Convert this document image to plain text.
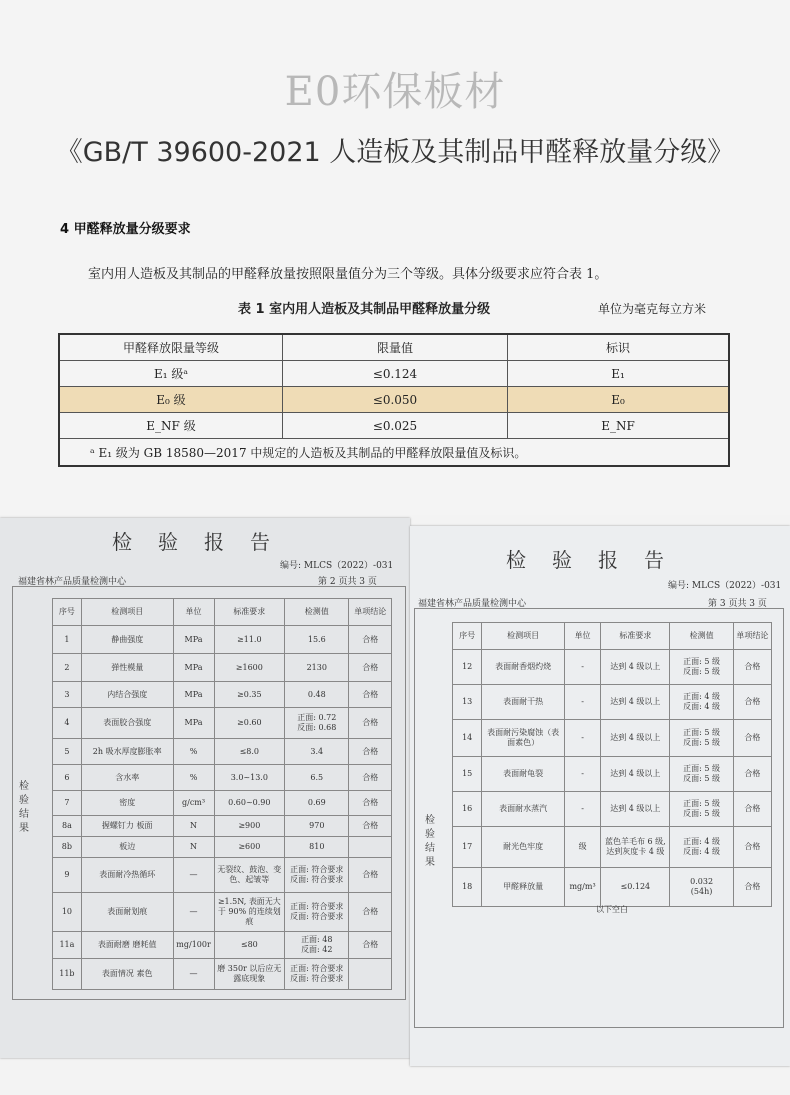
E0环保板材
《GB/T 39600-2021 人造板及其制品甲醛释放量分级》
4 甲醛释放量分级要求
室内用人造板及其制品的甲醛释放量按照限量值分为三个等级。具体分级要求应符合表 1。
表 1 室内用人造板及其制品甲醛释放量分级	单位为毫克每立方米
甲醛释放限量等级	限量值	标识
E₁ 级ᵃ	≤0.124	E₁
E₀ 级	≤0.050	E₀
E_NF 级	≤0.025	E_NF
ᵃ E₁ 级为 GB 18580—2017 中规定的人造板及其制品的甲醛释放限量值及标识。		
检验报告
编号: MLCS（2022）-031
福建省林产品质量检测中心	第 2 页共 3 页
检验结果
序号	检测项目	单位	标准要求	检测值	单项结论
1	静曲强度	MPa	≥11.0	15.6	合格
2	弹性模量	MPa	≥1600	2130	合格
3	内结合强度	MPa	≥0.35	0.48	合格
4	表面胶合强度	MPa	≥0.60	正面: 0.72
反面: 0.68	合格
5	2h 吸水厚度膨胀率	%	≤8.0	3.4	合格
6	含水率	%	3.0~13.0	6.5	合格
7	密度	g/cm³	0.60~0.90	0.69	合格
8a	握螺钉力 板面	N	≥900	970	合格
8b	板边	N	≥600	810	
9	表面耐冷热循环	—	无裂纹、鼓泡、变色、起皱等	正面: 符合要求
反面: 符合要求	合格
10	表面耐划痕	—	≥1.5N, 表面无大于 90% 的连续划痕	正面: 符合要求
反面: 符合要求	合格
11a	表面耐磨 磨耗值	mg/100r	≤80	正面: 48
反面: 42	合格
11b	表面情况 素色	—	磨 350r 以后应无露底现象	正面: 符合要求
反面: 符合要求	
检验报告
编号: MLCS（2022）-031
福建省林产品质量检测中心	第 3 页共 3 页
检验结果
序号	检测项目	单位	标准要求	检测值	单项结论
12	表面耐香烟灼烧	-	达到 4 级以上	正面: 5 级
反面: 5 级	合格
13	表面耐干热	-	达到 4 级以上	正面: 4 级
反面: 4 级	合格
14	表面耐污染腐蚀（表面素色）	-	达到 4 级以上	正面: 5 级
反面: 5 级	合格
15	表面耐龟裂	-	达到 4 级以上	正面: 5 级
反面: 5 级	合格
16	表面耐水蒸汽	-	达到 4 级以上	正面: 5 级
反面: 5 级	合格
17	耐光色牢度	级	蓝色羊毛布 6 级, 达到灰度卡 4 级	正面: 4 级
反面: 4 级	合格
18	甲醛释放量	mg/m³	≤0.124	0.032
(54h)	合格
以下空白
